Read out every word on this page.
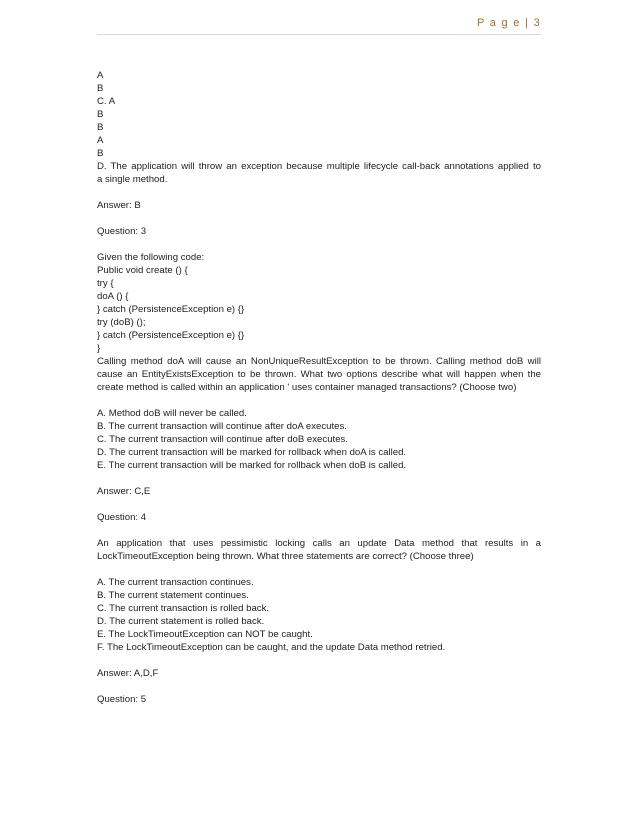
P a g e | 3
A
B
C. A
B
B
A
B
D. The application will throw an exception because multiple lifecycle call-back annotations applied to
a single method.
Answer: B
Question: 3
Given the following code:
Public void create () {
try {
doA () {
} catch (PersistenceException e) {}
try (doB) ();
} catch (PersistenceException e) {}
}
Calling method doA will cause an NonUniqueResultException to be thrown. Calling method doB will
cause an EntityExistsException to be thrown. What two options describe what will happen when the
create method is called within an application ' uses container managed transactions? (Choose two)
A. Method doB will never be called.
B. The current transaction will continue after doA executes.
C. The current transaction will continue after doB executes.
D. The current transaction will be marked for rollback when doA is called.
E. The current transaction will be marked for rollback when doB is called.
Answer: C,E
Question: 4
An application that uses pessimistic locking calls an update Data method that results in a
LockTimeoutException being thrown. What three statements are correct? (Choose three)
A. The current transaction continues.
B. The current statement continues.
C. The current transaction is rolled back.
D. The current statement is rolled back.
E. The LockTimeoutException can NOT be caught.
F. The LockTimeoutException can be caught, and the update Data method retried.
Answer: A,D,F
Question: 5
